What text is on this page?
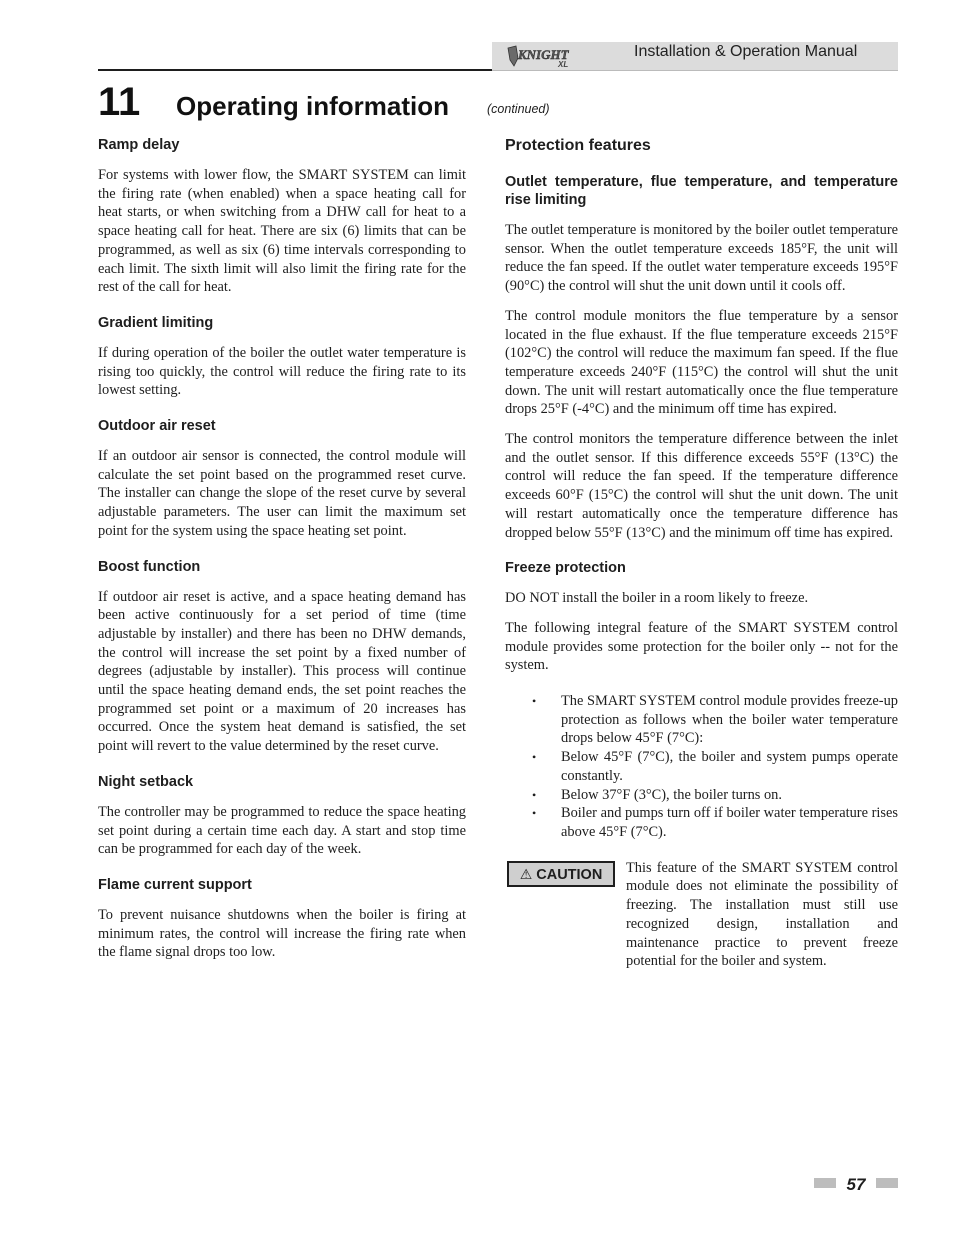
KNIGHT
XL
Installation & Operation Manual
11 Operating information	(continued)
Ramp delay

For systems with lower flow, the SMART SYSTEM can limit the firing rate (when enabled) when a space heating call for heat starts, or when switching from a DHW call for heat to a space heating call for heat. There are six (6) limits that can be programmed, as well as six (6) time intervals corresponding to each limit. The sixth limit will also limit the firing rate for the rest of the call for heat.

Gradient limiting

If during operation of the boiler the outlet water temperature is rising too quickly, the control will reduce the firing rate to its lowest setting.

Outdoor air reset

If an outdoor air sensor is connected, the control module will calculate the set point based on the programmed reset curve. The installer can change the slope of the reset curve by several adjustable parameters. The user can limit the maximum set point for the system using the space heating set point.

Boost function

If outdoor air reset is active, and a space heating demand has been active continuously for a set period of time (time adjustable by installer) and there has been no DHW demands, the control will increase the set point by a fixed number of degrees (adjustable by installer). This process will continue until the space heating demand ends, the set point reaches the programmed set point or a maximum of 20 increases has occurred. Once the system heat demand is satisfied, the set point will revert to the value determined by the reset curve.

Night setback

The controller may be programmed to reduce the space heating set point during a certain time each day. A start and stop time can be programmed for each day of the week.

Flame current support

To prevent nuisance shutdowns when the boiler is firing at minimum rates, the control will increase the firing rate when the flame signal drops too low.

Protection features
Outlet temperature, flue temperature, and temperature rise limiting

The outlet temperature is monitored by the boiler outlet temperature sensor. When the outlet temperature exceeds 185°F, the unit will reduce the fan speed. If the outlet water temperature exceeds 195°F (90°C) the control will shut the unit down until it cools off.

The control module monitors the flue temperature by a sensor located in the flue exhaust. If the flue temperature exceeds 215°F (102°C) the control will reduce the maximum fan speed. If the flue temperature exceeds 240°F (115°C) the control will shut the unit down. The unit will restart automatically once the flue temperature drops 25°F (-4°C) and the minimum off time has expired.

The control monitors the temperature difference between the inlet and the outlet sensor. If this difference exceeds 55°F (13°C) the control will reduce the fan speed. If the temperature difference exceeds 60°F (15°C) the control will shut the unit down. The unit will restart automatically once the temperature difference has dropped below 55°F (13°C) and the minimum off time has expired.

Freeze protection

DO NOT install the boiler in a room likely to freeze.

The following integral feature of the SMART SYSTEM control module provides some protection for the boiler only -- not for the system.

• The SMART SYSTEM control module provides freeze-up protection as follows when the boiler water temperature drops below 45°F (7°C):
• Below 45°F (7°C), the boiler and system pumps operate constantly.
• Below 37°F (3°C), the boiler turns on.
• Boiler and pumps turn off if boiler water temperature rises above 45°F (7°C).
⚠ CAUTION	This feature of the SMART SYSTEM control module does not eliminate the possibility of freezing. The installation must still use recognized design, installation and maintenance practice to prevent freeze potential for the boiler and system.

57
